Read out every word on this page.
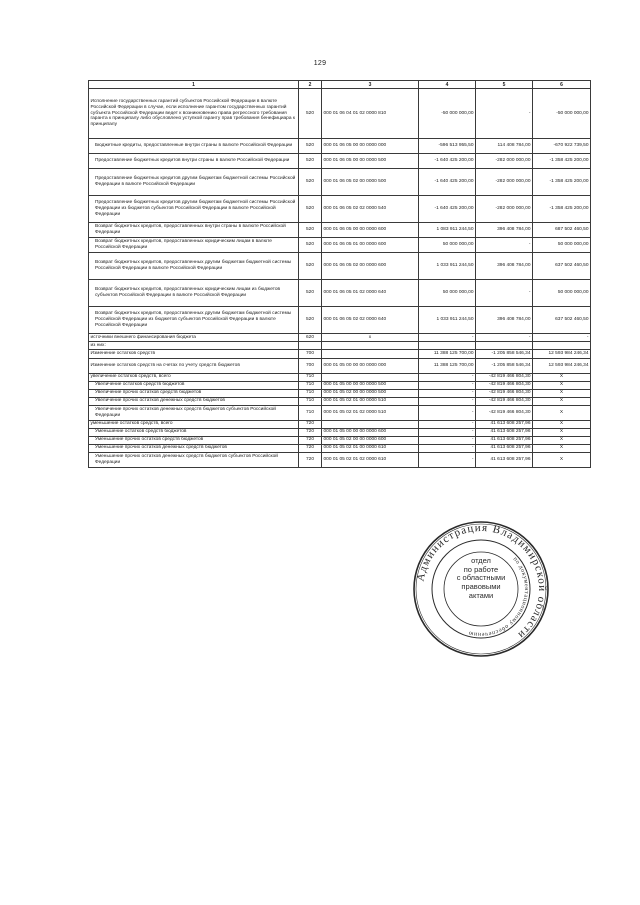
129
1	2	3	4	5	6
Исполнение государственных гарантий субъектов Российской Федерации в валюте Российской Федерации в случае, если исполнение гарантом государственных гарантий субъекта Российской Федерации ведет к возникновению права регрессного требования гаранта к принципалу либо обусловлено уступкой гаранту прав требования бенефициара к принципалу	520	000 01 06 04 01 02 0000 810	-50 000 000,00	-	-50 000 000,00
Бюджетные кредиты, предоставленные внутри страны в валюте Российской Федерации	520	000 01 06 05 00 00 0000 000	-596 513 955,50	114 408 784,00	-670 922 739,50
Предоставление бюджетных кредитов внутри страны в валюте Российской Федерации	520	000 01 06 05 00 00 0000 500	-1 640 425 200,00	-282 000 000,00	-1 358 425 200,00
Предоставление бюджетных кредитов другим бюджетам бюджетной системы Российской Федерации в валюте Российской Федерации	520	000 01 06 05 02 00 0000 500	-1 640 425 200,00	-282 000 000,00	-1 358 425 200,00
Предоставление бюджетных кредитов другим бюджетам бюджетной системы Российской Федерации из бюджетов субъектов Российской Федерации в валюте Российской Федерации	520	000 01 06 05 02 02 0000 540	-1 640 425 200,00	-282 000 000,00	-1 358 425 200,00
Возврат бюджетных кредитов, предоставленных внутри страны в валюте Российской Федерации	520	000 01 06 05 00 00 0000 600	1 083 911 244,50	396 408 784,00	687 502 460,50
Возврат бюджетных кредитов, предоставленных юридическим лицам в валюте Российской Федерации	520	000 01 06 05 01 00 0000 600	50 000 000,00	-	50 000 000,00
Возврат бюджетных кредитов, предоставленных другим бюджетам бюджетной системы Российской Федерации в валюте Российской Федерации	520	000 01 06 05 02 00 0000 600	1 033 911 244,50	396 408 784,00	637 502 460,50
Возврат бюджетных кредитов, предоставленных юридическим лицам из бюджетов субъектов Российской Федерации в валюте Российской Федерации	520	000 01 06 05 01 02 0000 640	50 000 000,00	-	50 000 000,00
Возврат бюджетных кредитов, предоставленных другим бюджетам бюджетной системы Российской Федерации из бюджетов субъектов Российской Федерации в валюте Российской Федерации	520	000 01 06 05 02 02 0000 640	1 033 911 244,50	396 408 784,00	637 502 460,50
источники внешнего финансирования бюджета	620	x	-	-	-
из них:					
Изменение остатков средств	700		11 388 125 700,00	-1 205 858 546,34	12 593 984 246,34
Изменение остатков средств на счетах по учету средств бюджетов	700	000 01 05 00 00 00 0000 000	11 388 125 700,00	-1 205 858 546,34	12 593 984 246,34
увеличение остатков средств, всего	710		-	-42 819 466 804,30	X
Увеличение остатков средств бюджетов	710	000 01 05 00 00 00 0000 500	-	-42 819 466 804,30	X
Увеличение прочих остатков средств бюджетов	710	000 01 05 02 00 00 0000 500	-	-42 819 466 804,30	X
Увеличение прочих остатков денежных средств бюджетов	710	000 01 05 02 01 00 0000 510	-	-42 819 466 804,30	X
Увеличение прочих остатков денежных средств бюджетов субъектов Российской Федерации	710	000 01 05 02 01 02 0000 510	-	-42 819 466 804,30	X
уменьшение остатков средств, всего	720		-	41 613 608 257,96	X
Уменьшение остатков средств бюджетов	720	000 01 05 00 00 00 0000 600	-	41 613 608 257,96	X
Уменьшение прочих остатков средств бюджетов	720	000 01 05 02 00 00 0000 600	-	41 613 608 257,96	X
Уменьшение прочих остатков денежных средств бюджетов	720	000 01 05 02 01 00 0000 610	-	41 613 608 257,96	X
Уменьшение прочих остатков денежных средств бюджетов субъектов Российской Федерации	720	000 01 05 02 01 02 0000 610	-	41 613 608 257,96	X
Администрация Владимирской области
по документационному обеспечению
отдел
по работе
с областными
правовыми
актами
